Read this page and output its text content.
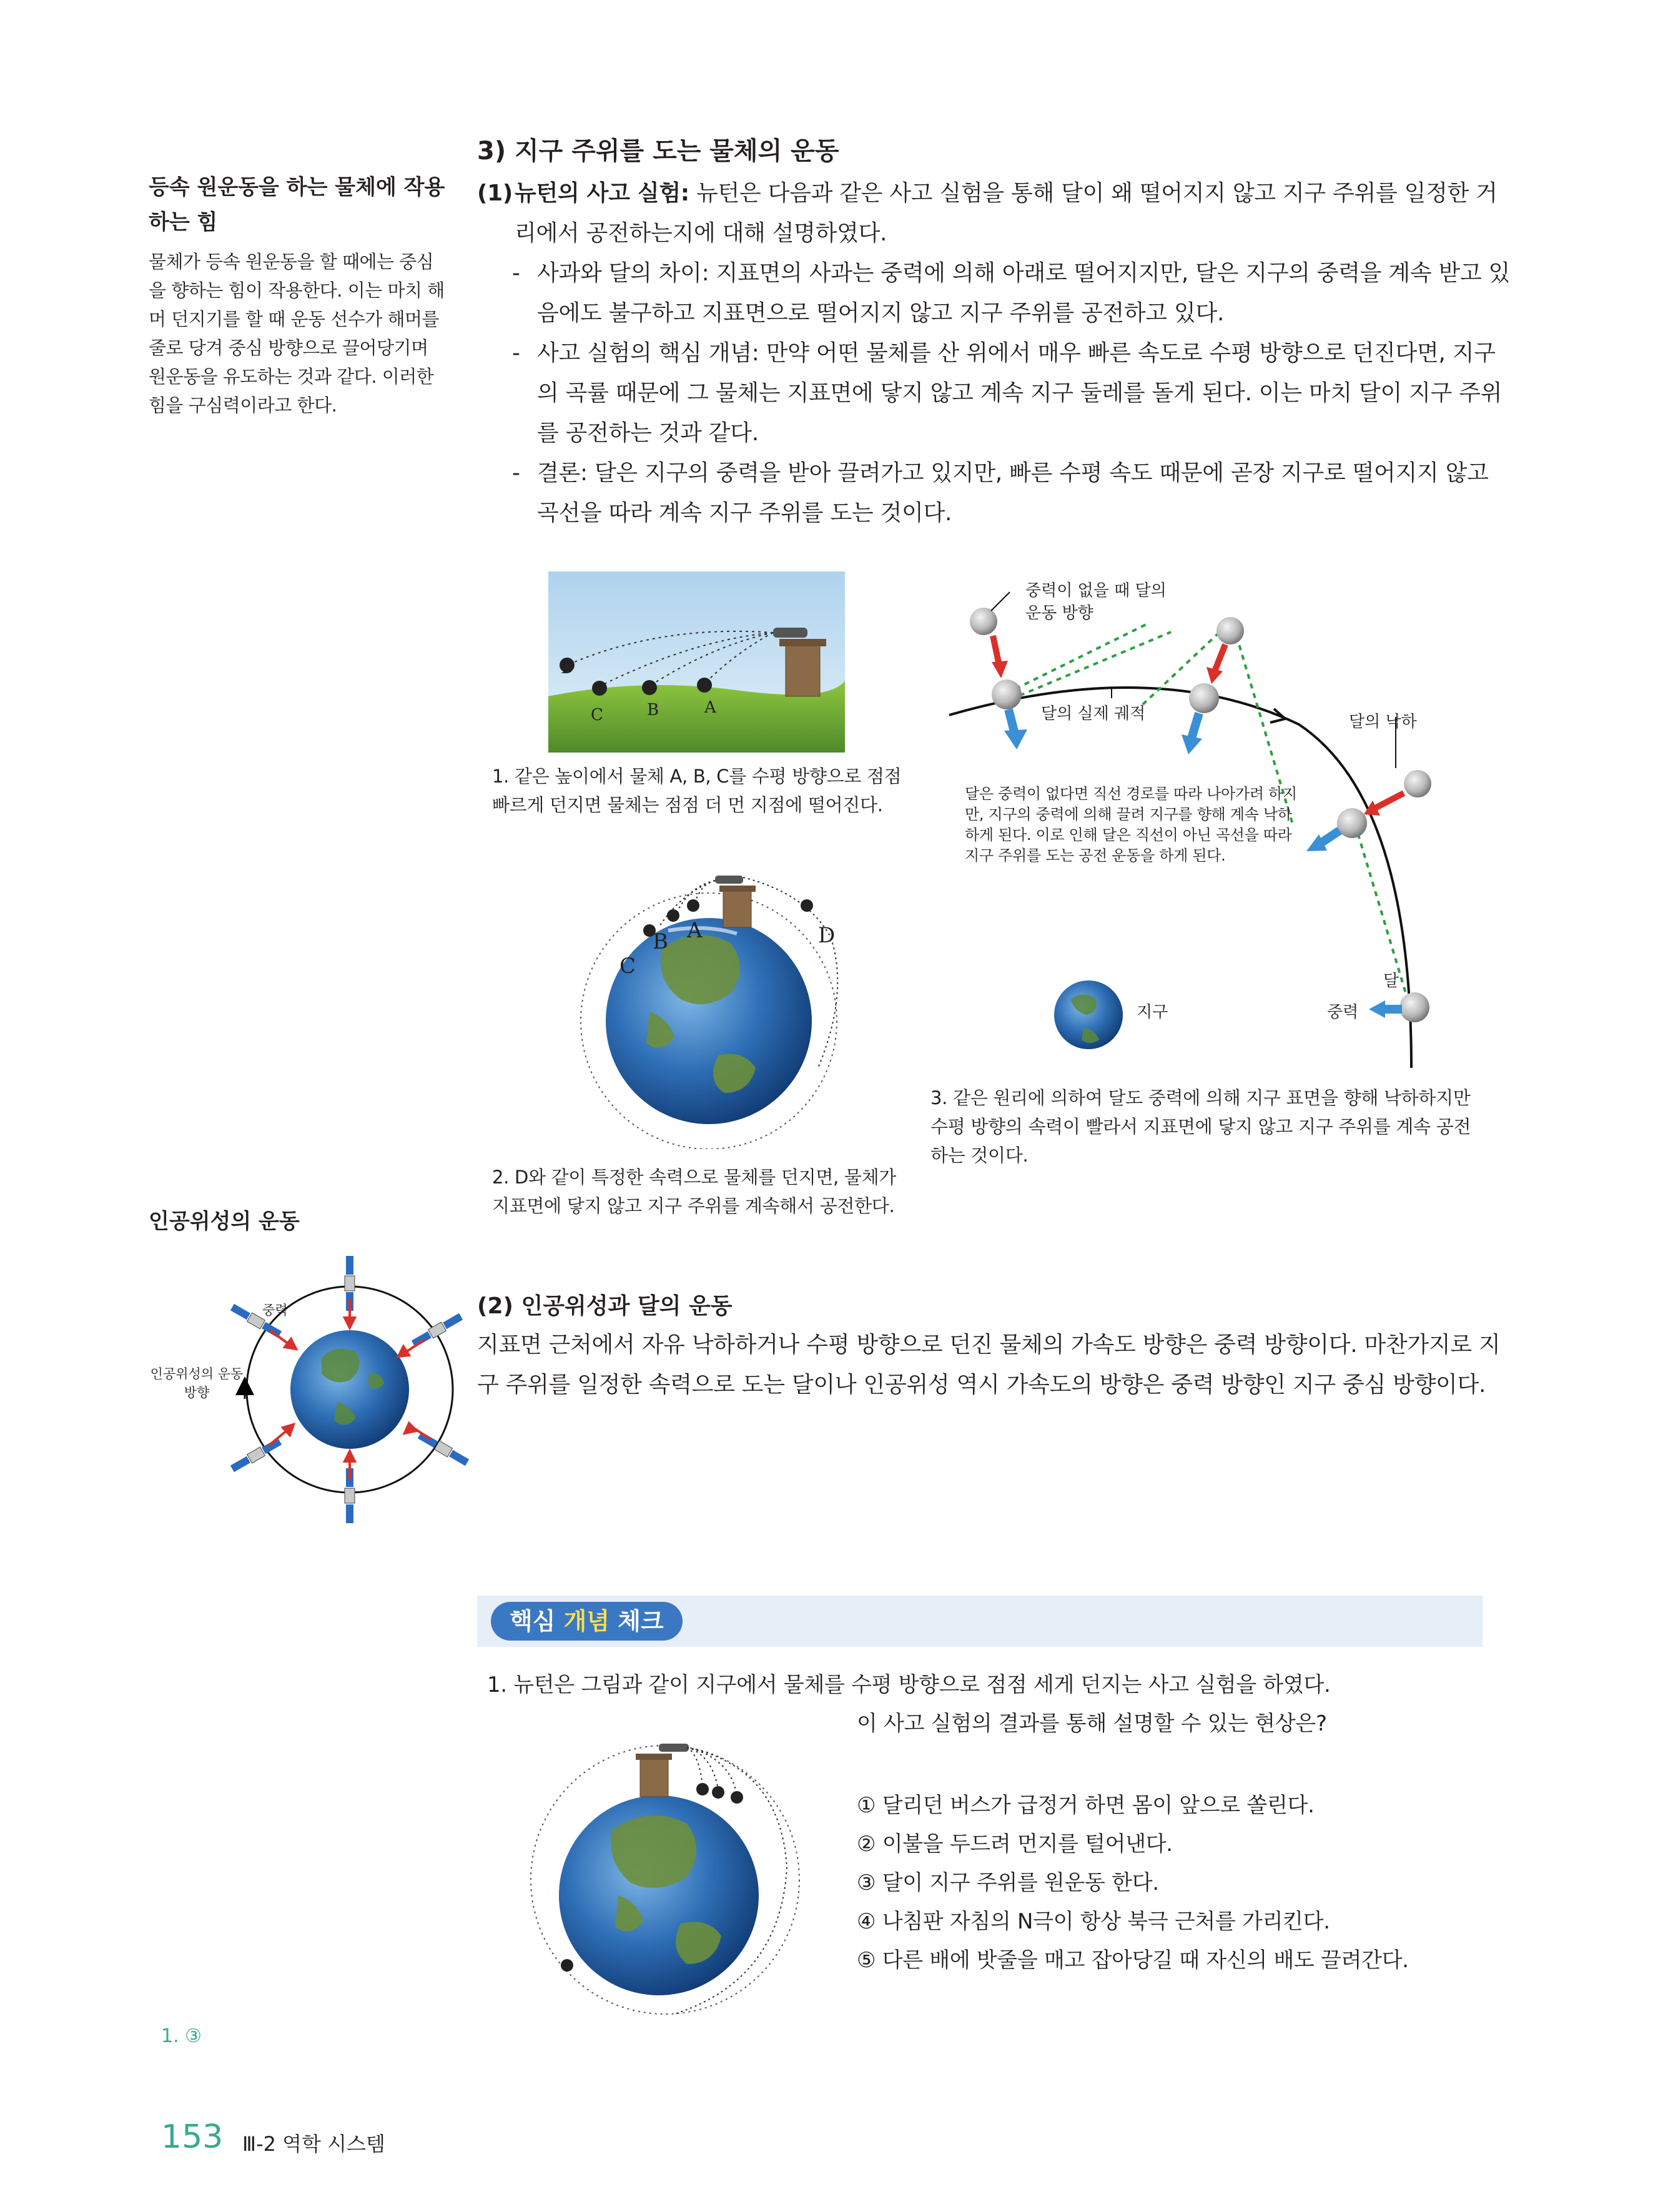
등속 원운동을 하는 물체에 작용하는 힘
물체가 등속 원운동을 할 때에는 중심을 향하는 힘이 작용한다. 이는 마치 해머 던지기를 할 때 운동 선수가 해머를 줄로 당겨 중심 방향으로 끌어당기며 원운동을 유도하는 것과 같다. 이러한 힘을 구심력이라고 한다.
인공위성의 운동
중력
인공위성의 운동 방향
1. ③
3) 지구 주위를 도는 물체의 운동
(1) 뉴턴의 사고 실험: 뉴턴은 다음과 같은 사고 실험을 통해 달이 왜 떨어지지 않고 지구 주위를 일정한 거리에서 공전하는지에 대해 설명하였다.
- 사과와 달의 차이: 지표면의 사과는 중력에 의해 아래로 떨어지지만, 달은 지구의 중력을 계속 받고 있음에도 불구하고 지표면으로 떨어지지 않고 지구 주위를 공전하고 있다.
- 사고 실험의 핵심 개념: 만약 어떤 물체를 산 위에서 매우 빠른 속도로 수평 방향으로 던진다면, 지구의 곡률 때문에 그 물체는 지표면에 닿지 않고 계속 지구 둘레를 돌게 된다. 이는 마치 달이 지구 주위를 공전하는 것과 같다.
- 결론: 달은 지구의 중력을 받아 끌려가고 있지만, 빠른 수평 속도 때문에 곧장 지구로 떨어지지 않고 곡선을 따라 계속 지구 주위를 도는 것이다.
D
C	B	A
1. 같은 높이에서 물체 A, B, C를 수평 방향으로 점점 빠르게 던지면 물체는 점점 더 먼 지점에 떨어진다.
B A
C
D
2. D와 같이 특정한 속력으로 물체를 던지면, 물체가 지표면에 닿지 않고 지구 주위를 계속해서 공전한다.
중력이 없을 때 달의 운동 방향
달의 실제 궤적	달의 낙하
달은 중력이 없다면 직선 경로를 따라 나아가려 하지만, 지구의 중력에 의해 끌려 지구를 향해 계속 낙하하게 된다. 이로 인해 달은 직선이 아닌 곡선을 따라 지구 주위를 도는 공전 운동을 하게 된다.
지구
달
중력
3. 같은 원리에 의하여 달도 중력에 의해 지구 표면을 향해 낙하하지만 수평 방향의 속력이 빨라서 지표면에 닿지 않고 지구 주위를 계속 공전하는 것이다.
(2) 인공위성과 달의 운동
지표면 근처에서 자유 낙하하거나 수평 방향으로 던진 물체의 가속도 방향은 중력 방향이다. 마찬가지로 지구 주위를 일정한 속력으로 도는 달이나 인공위성 역시 가속도의 방향은 중력 방향인 지구 중심 방향이다.
핵심 개념 체크
1. 뉴턴은 그림과 같이 지구에서 물체를 수평 방향으로 점점 세게 던지는 사고 실험을 하였다.
이 사고 실험의 결과를 통해 설명할 수 있는 현상은?
① 달리던 버스가 급정거 하면 몸이 앞으로 쏠린다.
② 이불을 두드려 먼지를 털어낸다.
③ 달이 지구 주위를 원운동 한다.
④ 나침판 자침의 N극이 항상 북극 근처를 가리킨다.
⑤ 다른 배에 밧줄을 매고 잡아당길 때 자신의 배도 끌려간다.
153 Ⅲ-2 역학 시스템
